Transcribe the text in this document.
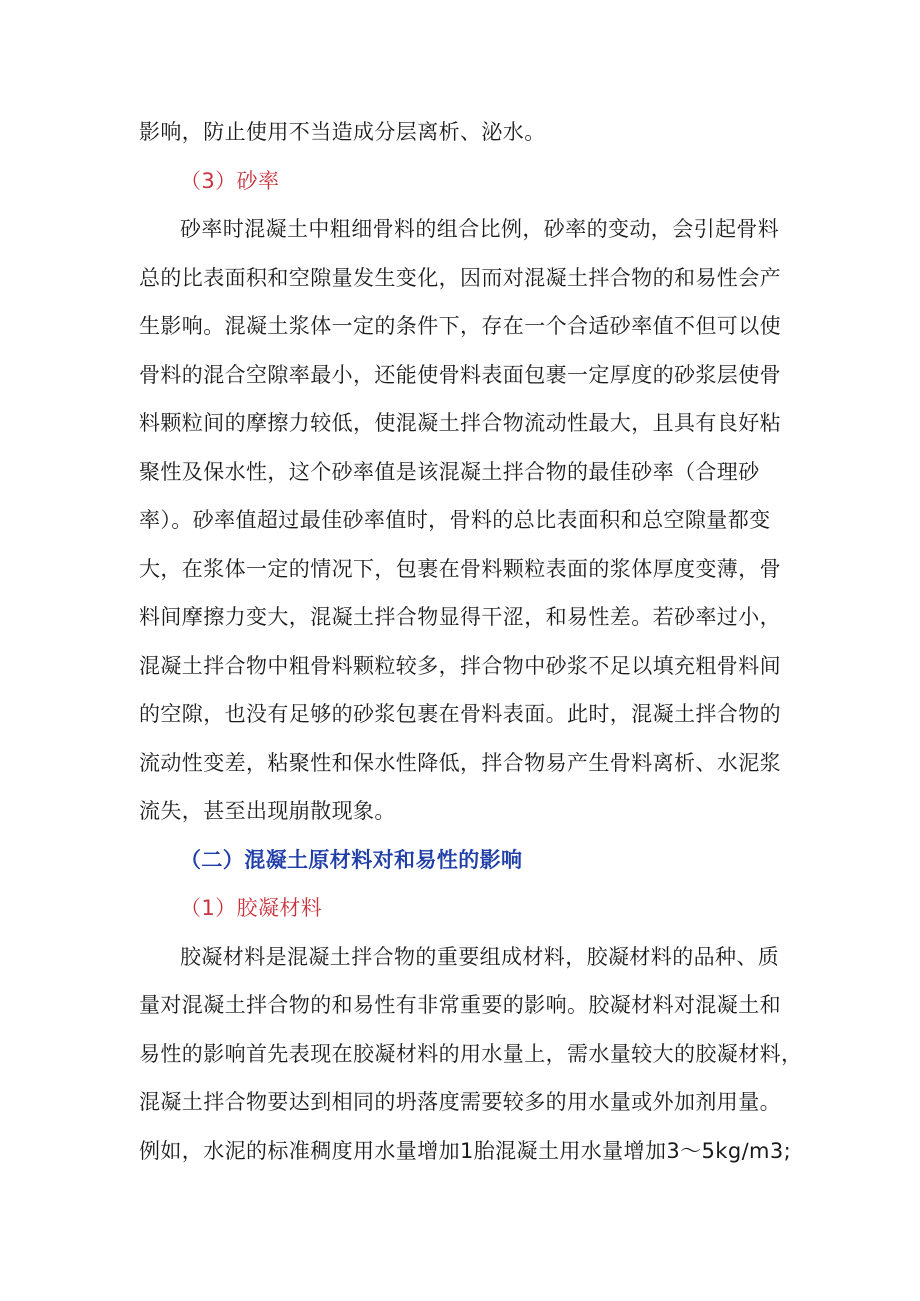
影响，防止使用不当造成分层离析、泌水。
（3）砂率
砂率时混凝土中粗细骨料的组合比例，砂率的变动，会引起骨料
总的比表面积和空隙量发生变化，因而对混凝土拌合物的和易性会产
生影响。混凝土浆体一定的条件下，存在一个合适砂率值不但可以使
骨料的混合空隙率最小，还能使骨料表面包裹一定厚度的砂浆层使骨
料颗粒间的摩擦力较低，使混凝土拌合物流动性最大，且具有良好粘
聚性及保水性，这个砂率值是该混凝土拌合物的最佳砂率（合理砂
率）。砂率值超过最佳砂率值时，骨料的总比表面积和总空隙量都变
大，在浆体一定的情况下，包裹在骨料颗粒表面的浆体厚度变薄，骨
料间摩擦力变大，混凝土拌合物显得干涩，和易性差。若砂率过小，
混凝土拌合物中粗骨料颗粒较多，拌合物中砂浆不足以填充粗骨料间
的空隙，也没有足够的砂浆包裹在骨料表面。此时，混凝土拌合物的
流动性变差，粘聚性和保水性降低，拌合物易产生骨料离析、水泥浆
流失，甚至出现崩散现象。
（二）混凝土原材料对和易性的影响
（1）胶凝材料
胶凝材料是混凝土拌合物的重要组成材料，胶凝材料的品种、质
量对混凝土拌合物的和易性有非常重要的影响。胶凝材料对混凝土和
易性的影响首先表现在胶凝材料的用水量上，需水量较大的胶凝材料，
混凝土拌合物要达到相同的坍落度需要较多的用水量或外加剂用量。
例如，水泥的标准稠度用水量增加1胎混凝土用水量增加3～5kg∕m3;
